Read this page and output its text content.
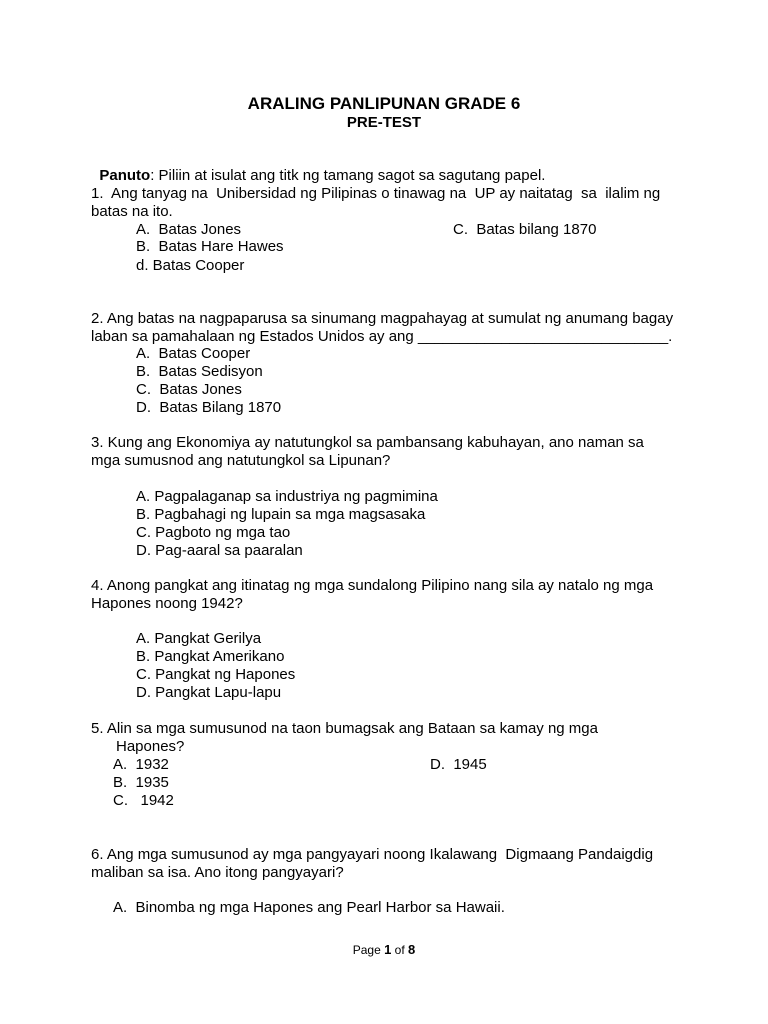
ARALING PANLIPUNAN GRADE 6
PRE-TEST

Panuto: Piliin at isulat ang titk ng tamang sagot sa sagutang papel.

1.  Ang tanyag na  Unibersidad ng Pilipinas o tinawag na  UP ay naitatag  sa  ilalim ng
batas na ito.
A.  Batas Jones	C.  Batas bilang 1870
B.  Batas Hare Hawes
d. Batas Cooper
2. Ang batas na nagpaparusa sa sinumang magpahayag at sumulat ng anumang bagay
laban sa pamahalaan ng Estados Unidos ay ang ______________________________.
A.  Batas Cooper
B.  Batas Sedisyon
C.  Batas Jones
D.  Batas Bilang 1870
3. Kung ang Ekonomiya ay natutungkol sa pambansang kabuhayan, ano naman sa
mga sumusnod ang natutungkol sa Lipunan?
A. Pagpalaganap sa industriya ng pagmimina
B. Pagbahagi ng lupain sa mga magsasaka
C. Pagboto ng mga tao
D. Pag-aaral sa paaralan
4. Anong pangkat ang itinatag ng mga sundalong Pilipino nang sila ay natalo ng mga
Hapones noong 1942?
A. Pangkat Gerilya
B. Pangkat Amerikano
C. Pangkat ng Hapones
D. Pangkat Lapu-lapu
5. Alin sa mga sumusunod na taon bumagsak ang Bataan sa kamay ng mga
Hapones?
A.  1932	D.  1945
B.  1935
C.   1942
6. Ang mga sumusunod ay mga pangyayari noong Ikalawang  Digmaang Pandaigdig
maliban sa isa. Ano itong pangyayari?
A.  Binomba ng mga Hapones ang Pearl Harbor sa Hawaii.
Page 1 of 8
